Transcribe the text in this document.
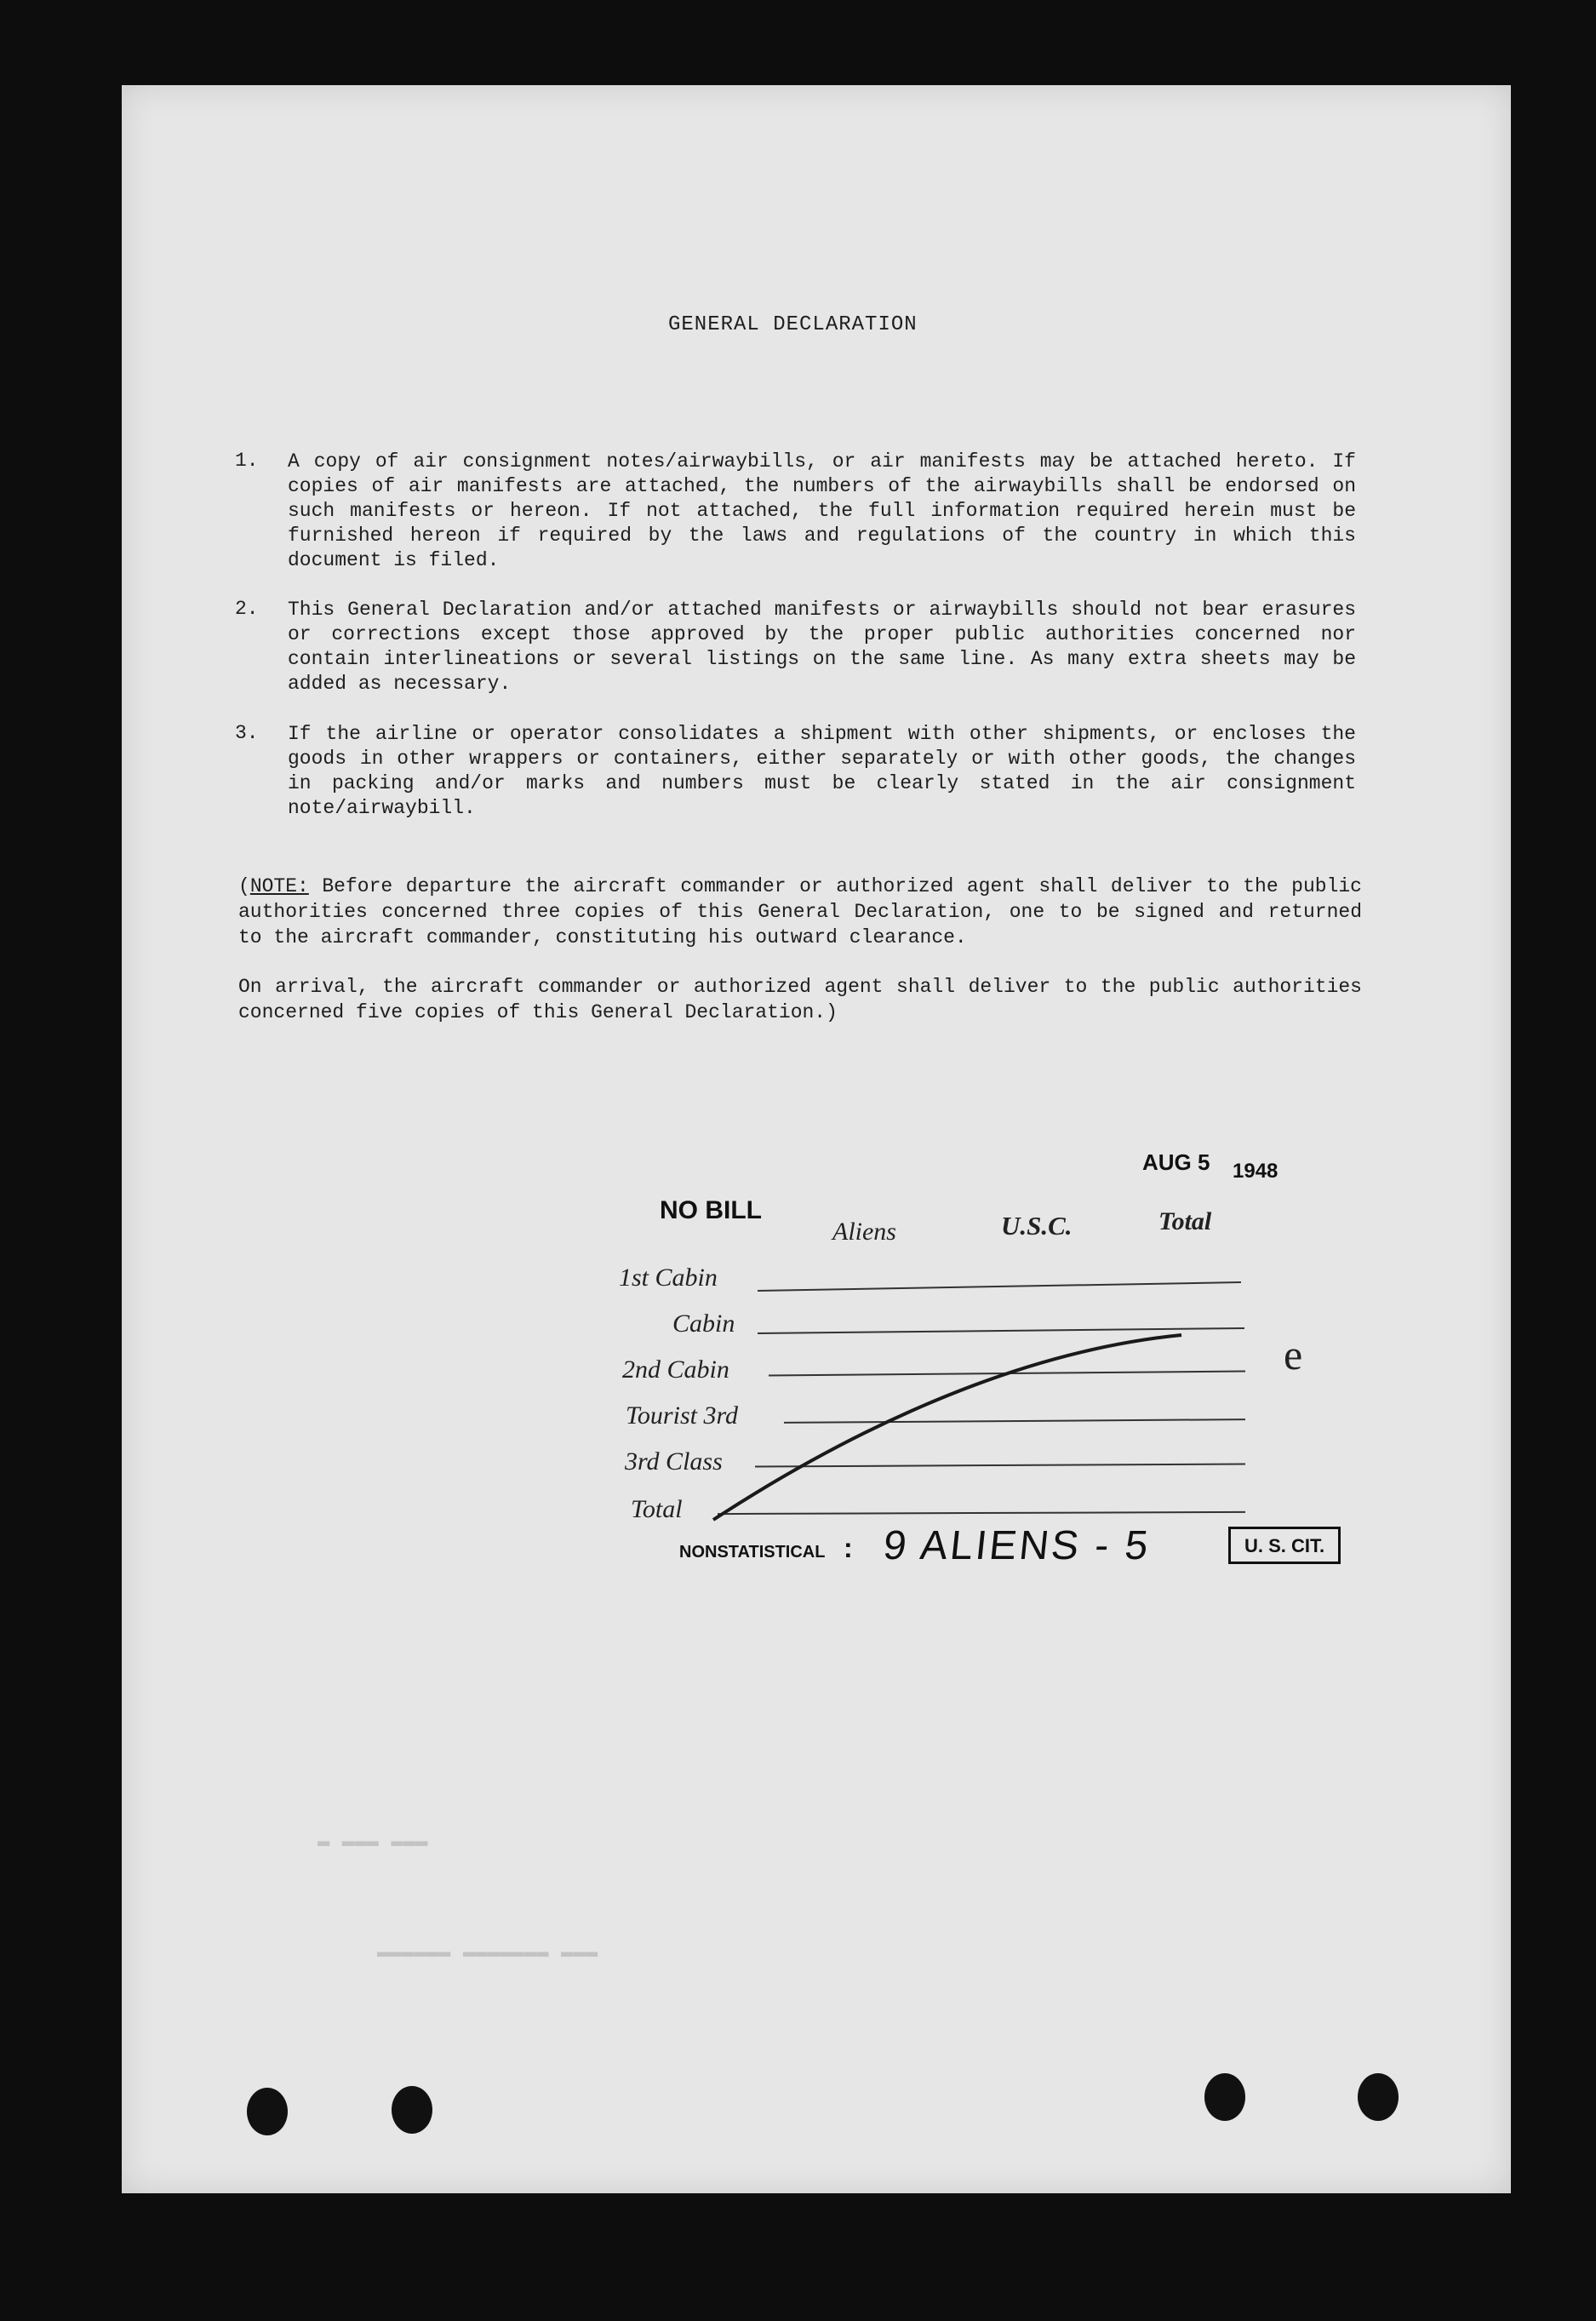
GENERAL DECLARATION
1. A copy of air consignment notes/airwaybills, or air manifests may be attached hereto. If copies of air manifests are attached, the numbers of the airwaybills shall be endorsed on such manifests or hereon. If not attached, the full information required herein must be furnished hereon if required by the laws and regulations of the country in which this document is filed.
2. This General Declaration and/or attached manifests or airwaybills should not bear erasures or corrections except those approved by the proper public authorities concerned nor contain interlineations or several listings on the same line. As many extra sheets may be added as necessary.
3. If the airline or operator consolidates a shipment with other shipments, or encloses the goods in other wrappers or containers, either separately or with other goods, the changes in packing and/or marks and numbers must be clearly stated in the air consignment note/airwaybill.
(NOTE: Before departure the aircraft commander or authorized agent shall deliver to the public authorities concerned three copies of this General Declaration, one to be signed and returned to the aircraft commander, constituting his outward clearance.
On arrival, the aircraft commander or authorized agent shall deliver to the public authorities concerned five copies of this General Declaration.)
▬ ▬▬▬ ▬▬▬
▬▬▬▬▬▬ ▬▬▬▬▬▬▬ ▬▬▬
AUG 5 1948
NO BILL
Aliens	U.S.C.	Total
1st Cabin
Cabin
2nd Cabin
Tourist 3rd
3rd Class
Total
e
NONSTATISTICAL : 9 ALIENS - 5	U. S. CIT.
